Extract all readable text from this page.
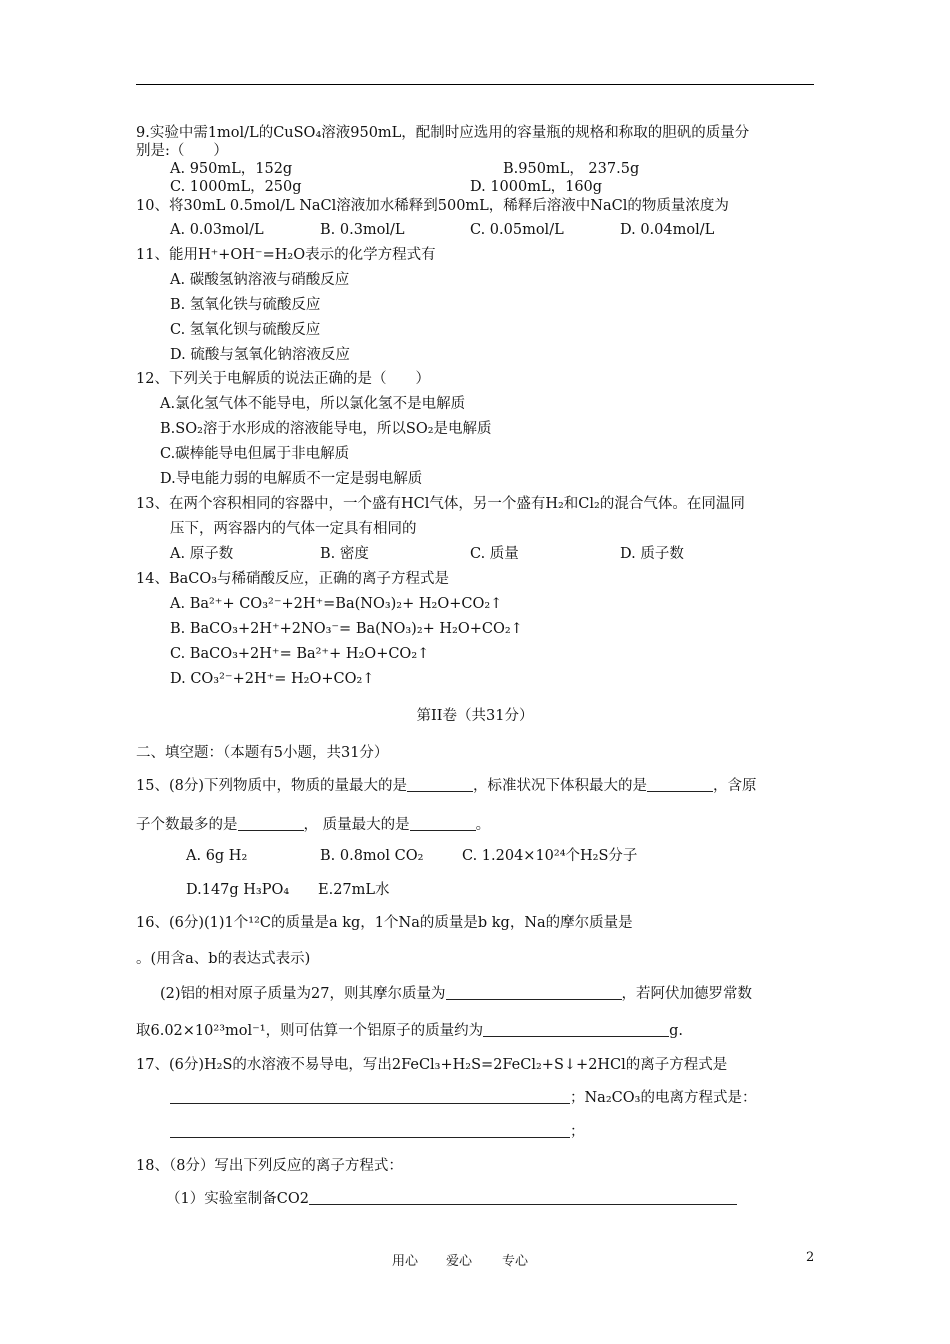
9.实验中需1mol/L的CuSO₄溶液950mL，配制时应选用的容量瓶的规格和称取的胆矾的质量分
别是:（　　）
A. 950mL，152g	B.950mL， 237.5g
C. 1000mL，250g	D. 1000mL，160g
10、将30mL 0.5mol/L NaCl溶液加水稀释到500mL，稀释后溶液中NaCl的物质量浓度为
A. 0.03mol/L	B. 0.3mol/L	C. 0.05mol/L	D. 0.04mol/L
11、能用H⁺+OH⁻=H₂O表示的化学方程式有
A. 碳酸氢钠溶液与硝酸反应
B. 氢氧化铁与硫酸反应
C. 氢氧化钡与硫酸反应
D. 硫酸与氢氧化钠溶液反应
12、下列关于电解质的说法正确的是（　　）
A.氯化氢气体不能导电，所以氯化氢不是电解质
B.SO₂溶于水形成的溶液能导电，所以SO₂是电解质
C.碳棒能导电但属于非电解质
D.导电能力弱的电解质不一定是弱电解质
13、在两个容积相同的容器中，一个盛有HCl气体，另一个盛有H₂和Cl₂的混合气体。在同温同
压下，两容器内的气体一定具有相同的
A. 原子数	B. 密度	C. 质量	D. 质子数
14、BaCO₃与稀硝酸反应，正确的离子方程式是
A. Ba²⁺+ CO₃²⁻+2H⁺=Ba(NO₃)₂+ H₂O+CO₂↑
B. BaCO₃+2H⁺+2NO₃⁻= Ba(NO₃)₂+ H₂O+CO₂↑
C. BaCO₃+2H⁺= Ba²⁺+ H₂O+CO₂↑
D. CO₃²⁻+2H⁺= H₂O+CO₂↑
第II卷（共31分）
二、填空题：（本题有5小题，共31分）
15、(8分)下列物质中，物质的量最大的是	，标准状况下体积最大的是	，含原
子个数最多的是	， 质量最大的是	。
A. 6g H₂	B. 0.8mol CO₂	C. 1.204×10²⁴个H₂S分子
D.147g H₃PO₄ E.27mL水
16、(6分)(1)1个¹²C的质量是a kg，1个Na的质量是b kg，Na的摩尔质量是
。(用含a、b的表达式表示)
(2)铝的相对原子质量为27，则其摩尔质量为	，若阿伏加德罗常数
取6.02×10²³mol⁻¹，则可估算一个铝原子的质量约为	g.
17、(6分)H₂S的水溶液不易导电，写出2FeCl₃+H₂S=2FeCl₂+S↓+2HCl的离子方程式是
；Na₂CO₃的电离方程式是：
；
18、（8分）写出下列反应的离子方程式：
（1）实验室制备CO2
用心 爱心 专心	2
